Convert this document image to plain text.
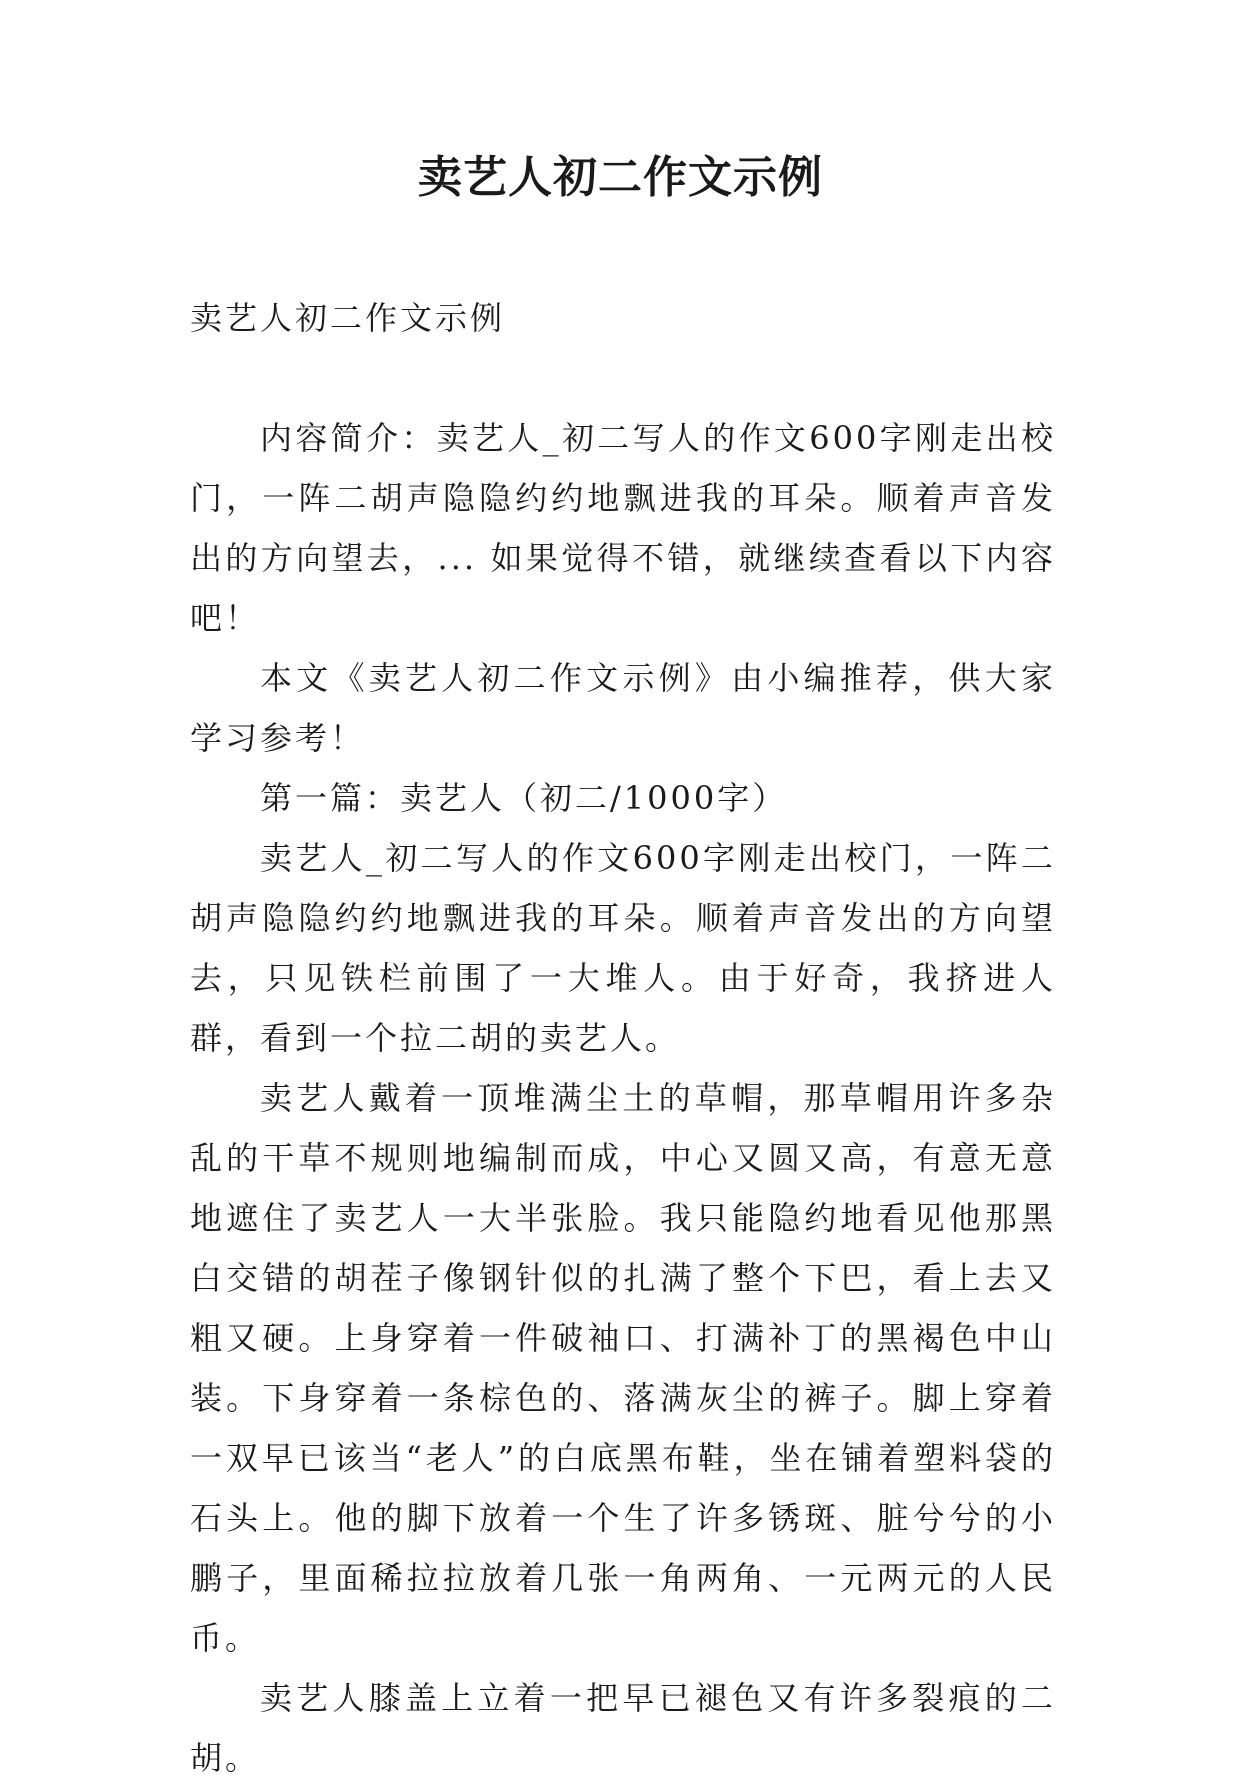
卖艺人初二作文示例

卖艺人初二作文示例

内容简介：卖艺人_初二写人的作文600字刚走出校门，一阵二胡声隐隐约约地飘进我的耳朵。顺着声音发出的方向望去，... 如果觉得不错，就继续查看以下内容吧！

本文《卖艺人初二作文示例》由小编推荐，供大家学习参考！

第一篇：卖艺人（初二/1000字）

卖艺人_初二写人的作文600字刚走出校门，一阵二胡声隐隐约约地飘进我的耳朵。顺着声音发出的方向望去，只见铁栏前围了一大堆人。由于好奇，我挤进人群，看到一个拉二胡的卖艺人。

卖艺人戴着一顶堆满尘土的草帽，那草帽用许多杂乱的干草不规则地编制而成，中心又圆又高，有意无意地遮住了卖艺人一大半张脸。我只能隐约地看见他那黑白交错的胡茬子像钢针似的扎满了整个下巴，看上去又粗又硬。上身穿着一件破袖口、打满补丁的黑褐色中山装。下身穿着一条棕色的、落满灰尘的裤子。脚上穿着一双早已该当“老人”的白底黑布鞋，坐在铺着塑料袋的石头上。他的脚下放着一个生了许多锈斑、脏兮兮的小鹏子，里面稀拉拉放着几张一角两角、一元两元的人民币。

卖艺人膝盖上立着一把早已褪色又有许多裂痕的二胡。
